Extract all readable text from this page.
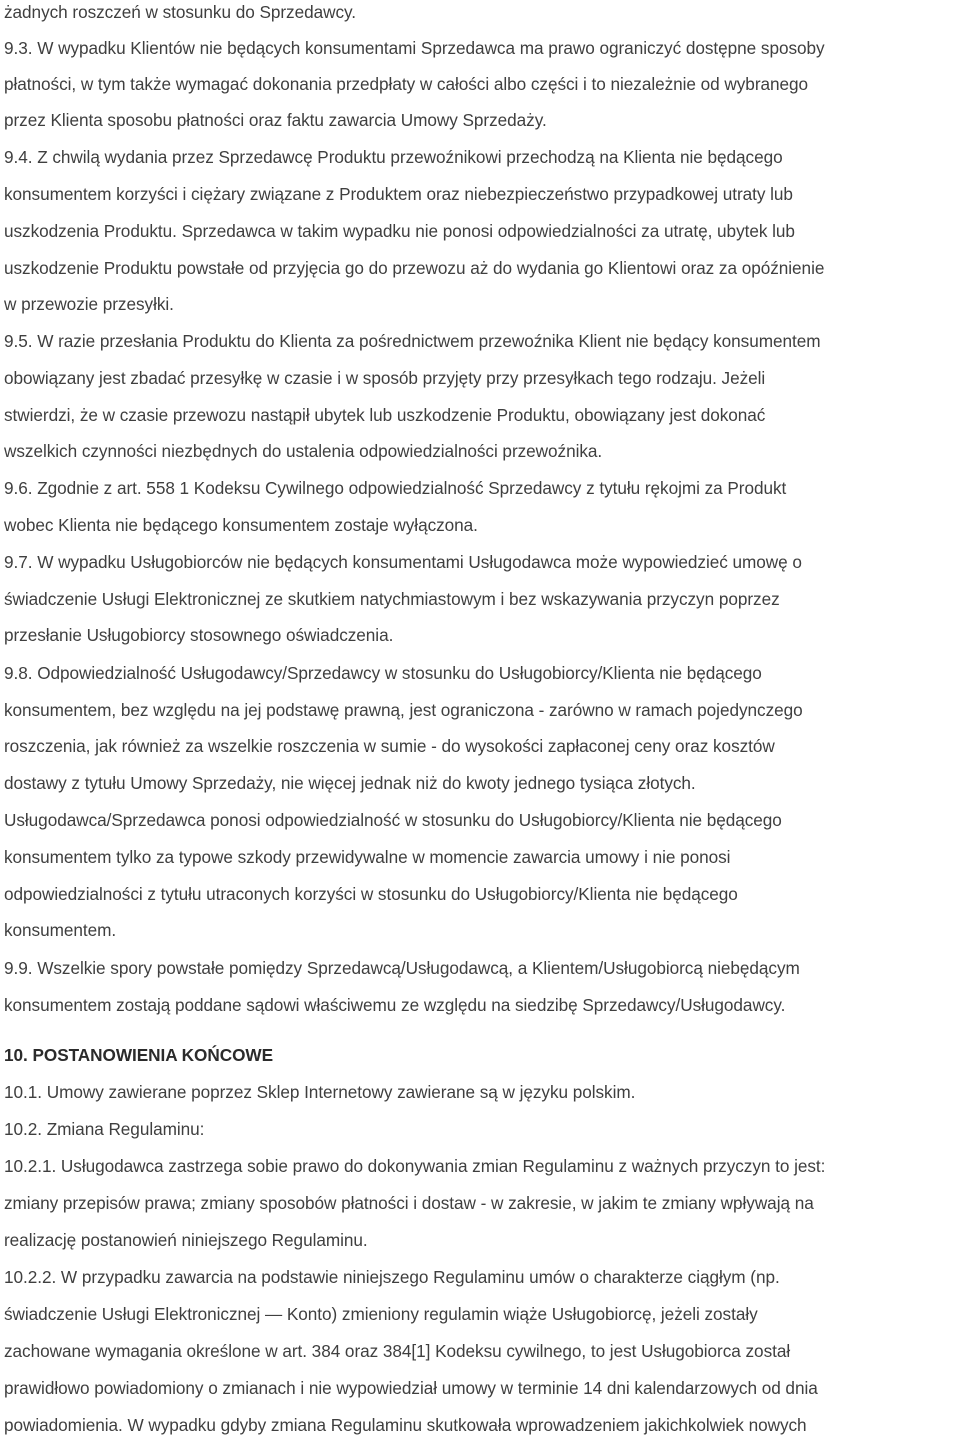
żadnych roszczeń w stosunku do Sprzedawcy.
9.3. W wypadku Klientów nie będących konsumentami Sprzedawca ma prawo ograniczyć dostępne sposoby
płatności, w tym także wymagać dokonania przedpłaty w całości albo części i to niezależnie od wybranego
przez Klienta sposobu płatności oraz faktu zawarcia Umowy Sprzedaży.
9.4. Z chwilą wydania przez Sprzedawcę Produktu przewoźnikowi przechodzą na Klienta nie będącego
konsumentem korzyści i ciężary związane z Produktem oraz niebezpieczeństwo przypadkowej utraty lub
uszkodzenia Produktu. Sprzedawca w takim wypadku nie ponosi odpowiedzialności za utratę, ubytek lub
uszkodzenie Produktu powstałe od przyjęcia go do przewozu aż do wydania go Klientowi oraz za opóźnienie
w przewozie przesyłki.
9.5. W razie przesłania Produktu do Klienta za pośrednictwem przewoźnika Klient nie będący konsumentem
obowiązany jest zbadać przesyłkę w czasie i w sposób przyjęty przy przesyłkach tego rodzaju. Jeżeli
stwierdzi, że w czasie przewozu nastąpił ubytek lub uszkodzenie Produktu, obowiązany jest dokonać
wszelkich czynności niezbędnych do ustalenia odpowiedzialności przewoźnika.
9.6. Zgodnie z art. 558 1 Kodeksu Cywilnego odpowiedzialność Sprzedawcy z tytułu rękojmi za Produkt
wobec Klienta nie będącego konsumentem zostaje wyłączona.
9.7. W wypadku Usługobiorców nie będących konsumentami Usługodawca może wypowiedzieć umowę o
świadczenie Usługi Elektronicznej ze skutkiem natychmiastowym i bez wskazywania przyczyn poprzez
przesłanie Usługobiorcy stosownego oświadczenia.
9.8. Odpowiedzialność Usługodawcy/Sprzedawcy w stosunku do Usługobiorcy/Klienta nie będącego
konsumentem, bez względu na jej podstawę prawną, jest ograniczona - zarówno w ramach pojedynczego
roszczenia, jak również za wszelkie roszczenia w sumie - do wysokości zapłaconej ceny oraz kosztów
dostawy z tytułu Umowy Sprzedaży, nie więcej jednak niż do kwoty jednego tysiąca złotych.
Usługodawca/Sprzedawca ponosi odpowiedzialność w stosunku do Usługobiorcy/Klienta nie będącego
konsumentem tylko za typowe szkody przewidywalne w momencie zawarcia umowy i nie ponosi
odpowiedzialności z tytułu utraconych korzyści w stosunku do Usługobiorcy/Klienta nie będącego
konsumentem.
9.9. Wszelkie spory powstałe pomiędzy Sprzedawcą/Usługodawcą, a Klientem/Usługobiorcą niebędącym
konsumentem zostają poddane sądowi właściwemu ze względu na siedzibę Sprzedawcy/Usługodawcy.
10. POSTANOWIENIA KOŃCOWE
10.1. Umowy zawierane poprzez Sklep Internetowy zawierane są w języku polskim.
10.2. Zmiana Regulaminu:
10.2.1. Usługodawca zastrzega sobie prawo do dokonywania zmian Regulaminu z ważnych przyczyn to jest:
zmiany przepisów prawa; zmiany sposobów płatności i dostaw - w zakresie, w jakim te zmiany wpływają na
realizację postanowień niniejszego Regulaminu.
10.2.2. W przypadku zawarcia na podstawie niniejszego Regulaminu umów o charakterze ciągłym (np.
świadczenie Usługi Elektronicznej — Konto) zmieniony regulamin wiąże Usługobiorcę, jeżeli zostały
zachowane wymagania określone w art. 384 oraz 384[1] Kodeksu cywilnego, to jest Usługobiorca został
prawidłowo powiadomiony o zmianach i nie wypowiedział umowy w terminie 14 dni kalendarzowych od dnia
powiadomienia. W wypadku gdyby zmiana Regulaminu skutkowała wprowadzeniem jakichkolwiek nowych
